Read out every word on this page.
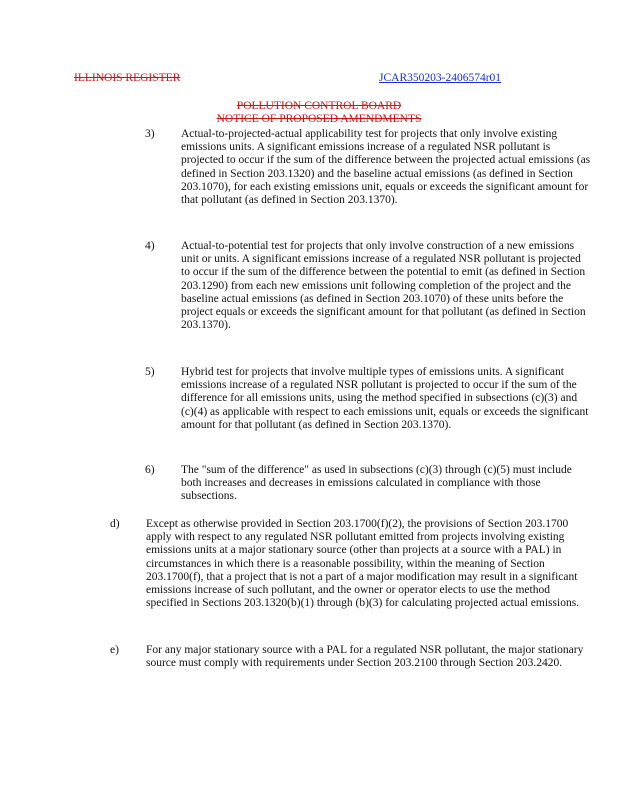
ILLINOIS REGISTER	JCAR350203-2406574r01
POLLUTION CONTROL BOARD
NOTICE OF PROPOSED AMENDMENTS
3) Actual-to-projected-actual applicability test for projects that only involve existing emissions units. A significant emissions increase of a regulated NSR pollutant is projected to occur if the sum of the difference between the projected actual emissions (as defined in Section 203.1320) and the baseline actual emissions (as defined in Section 203.1070), for each existing emissions unit, equals or exceeds the significant amount for that pollutant (as defined in Section 203.1370).
4) Actual-to-potential test for projects that only involve construction of a new emissions unit or units. A significant emissions increase of a regulated NSR pollutant is projected to occur if the sum of the difference between the potential to emit (as defined in Section 203.1290) from each new emissions unit following completion of the project and the baseline actual emissions (as defined in Section 203.1070) of these units before the project equals or exceeds the significant amount for that pollutant (as defined in Section 203.1370).
5) Hybrid test for projects that involve multiple types of emissions units. A significant emissions increase of a regulated NSR pollutant is projected to occur if the sum of the difference for all emissions units, using the method specified in subsections (c)(3) and (c)(4) as applicable with respect to each emissions unit, equals or exceeds the significant amount for that pollutant (as defined in Section 203.1370).
6) The "sum of the difference" as used in subsections (c)(3) through (c)(5) must include both increases and decreases in emissions calculated in compliance with those subsections.
d) Except as otherwise provided in Section 203.1700(f)(2), the provisions of Section 203.1700 apply with respect to any regulated NSR pollutant emitted from projects involving existing emissions units at a major stationary source (other than projects at a source with a PAL) in circumstances in which there is a reasonable possibility, within the meaning of Section 203.1700(f), that a project that is not a part of a major modification may result in a significant emissions increase of such pollutant, and the owner or operator elects to use the method specified in Sections 203.1320(b)(1) through (b)(3) for calculating projected actual emissions.
e) For any major stationary source with a PAL for a regulated NSR pollutant, the major stationary source must comply with requirements under Section 203.2100 through Section 203.2420.
